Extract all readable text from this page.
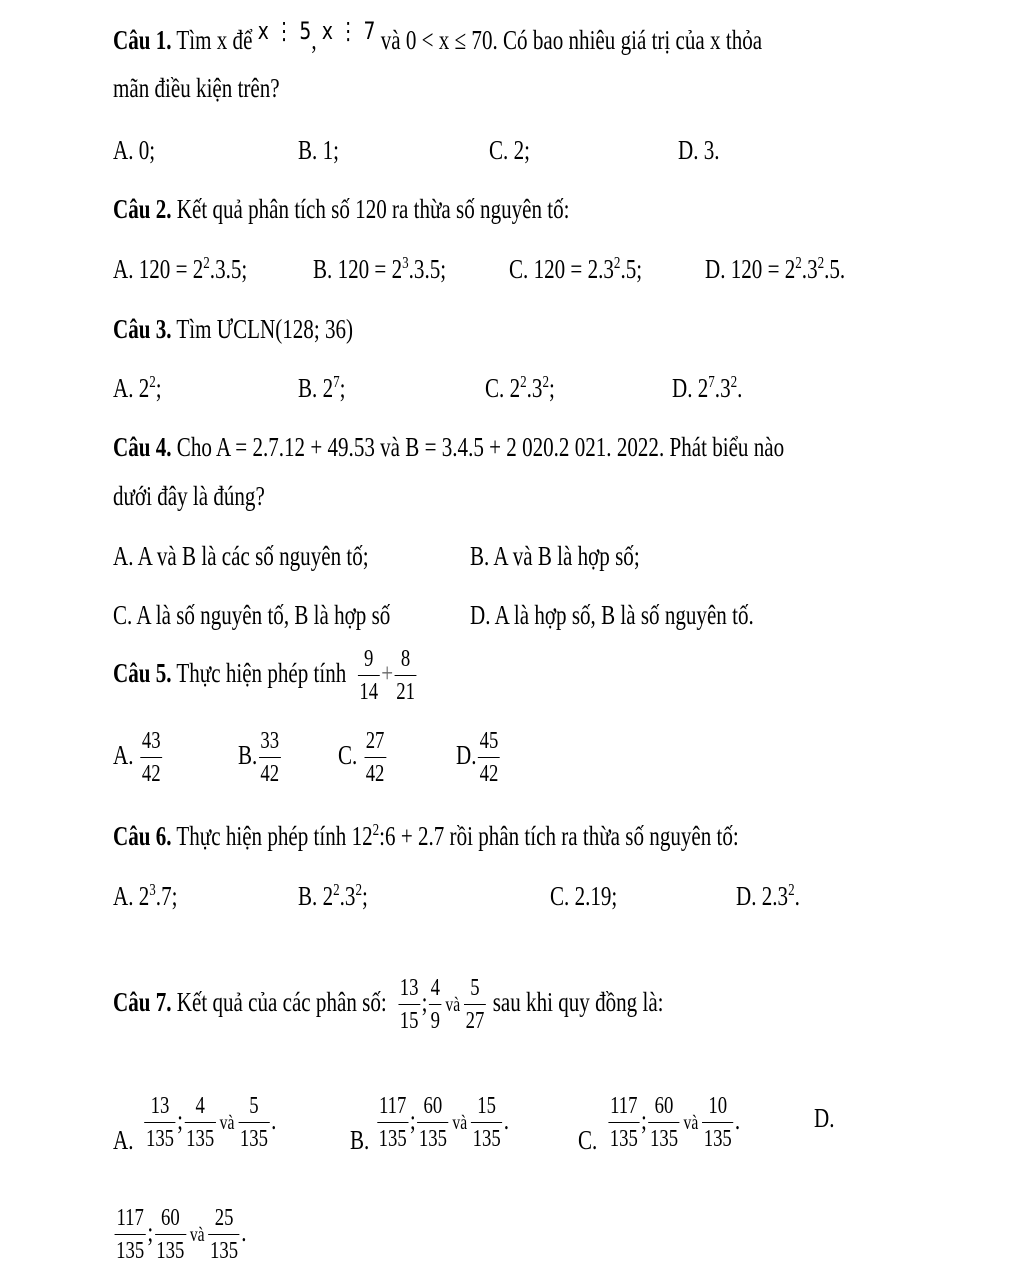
Câu 1. Tìm x để x ⋮ 5, x ⋮ 7 và 0 < x ≤ 70. Có bao nhiêu giá trị của x thỏa
mãn điều kiện trên?
A. 0;	B. 1;	C. 2;	D. 3.
Câu 2. Kết quả phân tích số 120 ra thừa số nguyên tố:
A. $120 = 2^2.3.5$;	B. $120 = 2^3.3.5$;	C. $120 = 2.3^2.5$;	D. $120 = 2^2.3^2.5$.
Câu 3. Tìm ƯCLN(128; 36)
A. $2^2$;	B. $2^7$;	C. $2^2.3^2$;	D. $2^7.3^2$.
Câu 4. Cho A = 2.7.12 + 49.53 và B = 3.4.5 + 2 020.2 021. 2022. Phát biểu nào
dưới đây là đúng?
A. A và B là các số nguyên tố;	B. A và B là hợp số;
C. A là số nguyên tố, B là hợp số	D. A là hợp số, B là số nguyên tố.
Câu 5. Thực hiện phép tính $\frac{9}{14} + \frac{8}{21}$
A. $\frac{43}{42}$	B. $\frac{33}{42} C$. $\frac{27}{42}$	D. $\frac{45}{42}$
Câu 6. Thực hiện phép tính $12^2:6 + 2.7$ rồi phân tích ra thừa số nguyên tố:
A. $2^3.7$;	B. $2^2.3^2$;	C. 2.19;	D. $2.3^2$.
Câu 7. Kết quả của các phân số: $\frac{13}{15}$ ; $\frac{4}{9}$ và $\frac{5}{27}$ sau khi quy đồng là:
A. $\frac{13}{135}$ ; $\frac{4}{135}$ và $\frac{5}{135}$ .
B. $\frac{117}{135}$ ; $\frac{60}{135}$ và $\frac{15}{135}$ .
C. $\frac{117}{135}$ ; $\frac{60}{135}$ và $\frac{10}{135}$ .	D.
$\frac{117}{135}$ ; $\frac{60}{135}$ và $\frac{25}{135}$ .
